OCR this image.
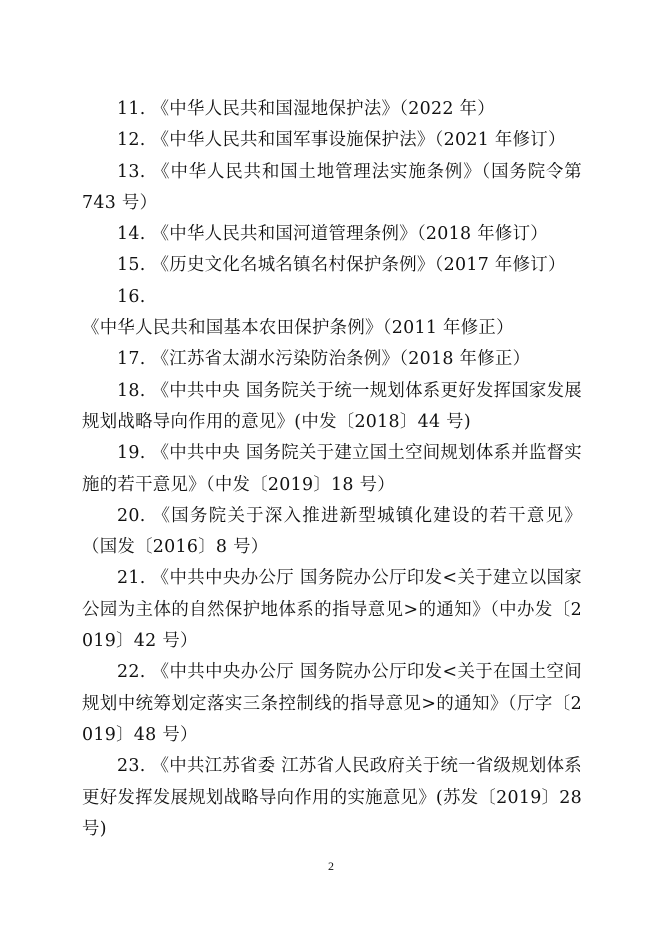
11. 《中华人民共和国湿地保护法》（2022 年）

12. 《中华人民共和国军事设施保护法》（2021 年修订）

13. 《中华人民共和国土地管理法实施条例》（国务院令第 743 号）

14. 《中华人民共和国河道管理条例》（2018 年修订）

15. 《历史文化名城名镇名村保护条例》（2017 年修订）

16.《中华人民共和国基本农田保护条例》（2011 年修正）

17. 《江苏省太湖水污染防治条例》（2018 年修正）

18. 《中共中央 国务院关于统一规划体系更好发挥国家发展规划战略导向作用的意见》(中发〔2018〕44 号)

19. 《中共中央 国务院关于建立国土空间规划体系并监督实施的若干意见》（中发〔2019〕18 号）

20. 《国务院关于深入推进新型城镇化建设的若干意见》（国发〔2016〕8 号）

21. 《中共中央办公厅 国务院办公厅印发<关于建立以国家公园为主体的自然保护地体系的指导意见>的通知》（中办发〔2019〕42 号）

22. 《中共中央办公厅 国务院办公厅印发<关于在国土空间规划中统筹划定落实三条控制线的指导意见>的通知》（厅字〔2019〕48 号）

23. 《中共江苏省委 江苏省人民政府关于统一省级规划体系更好发挥发展规划战略导向作用的实施意见》(苏发〔2019〕28 号)

2
